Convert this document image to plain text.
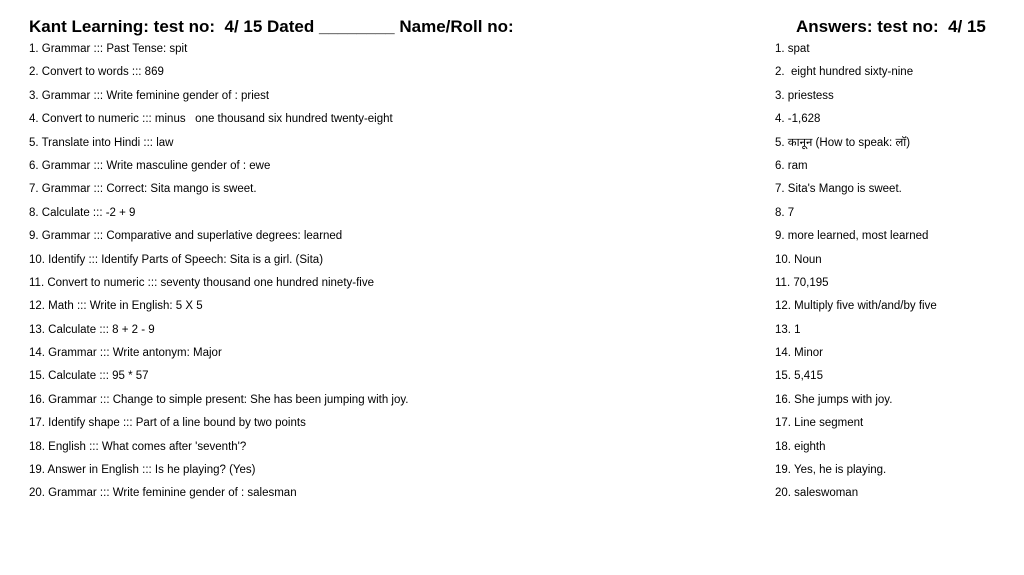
Kant Learning: test no:  4/ 15 Dated ________ Name/Roll no:	Answers: test no:  4/ 15
1. Grammar ::: Past Tense: spit
2. Convert to words ::: 869
3. Grammar ::: Write feminine gender of : priest
4. Convert to numeric ::: minus   one thousand six hundred twenty-eight
5. Translate into Hindi ::: law
6. Grammar ::: Write masculine gender of : ewe
7. Grammar ::: Correct: Sita mango is sweet.
8. Calculate ::: -2 + 9
9. Grammar ::: Comparative and superlative degrees: learned
10. Identify ::: Identify Parts of Speech: Sita is a girl. (Sita)
11. Convert to numeric ::: seventy thousand one hundred ninety-five
12. Math ::: Write in English: 5 X 5
13. Calculate ::: 8 + 2 - 9
14. Grammar ::: Write antonym: Major
15. Calculate ::: 95 * 57
16. Grammar ::: Change to simple present: She has been jumping with joy.
17. Identify shape ::: Part of a line bound by two points
18. English ::: What comes after 'seventh'?
19. Answer in English ::: Is he playing? (Yes)
20. Grammar ::: Write feminine gender of : salesman
1. spat
2.  eight hundred sixty-nine
3. priestess
4. -1,628
5. कानून (How to speak: लॉ)
6. ram
7. Sita's Mango is sweet.
8. 7
9. more learned, most learned
10. Noun
11. 70,195
12. Multiply five with/and/by five
13. 1
14. Minor
15. 5,415
16. She jumps with joy.
17. Line segment
18. eighth
19. Yes, he is playing.
20. saleswoman
